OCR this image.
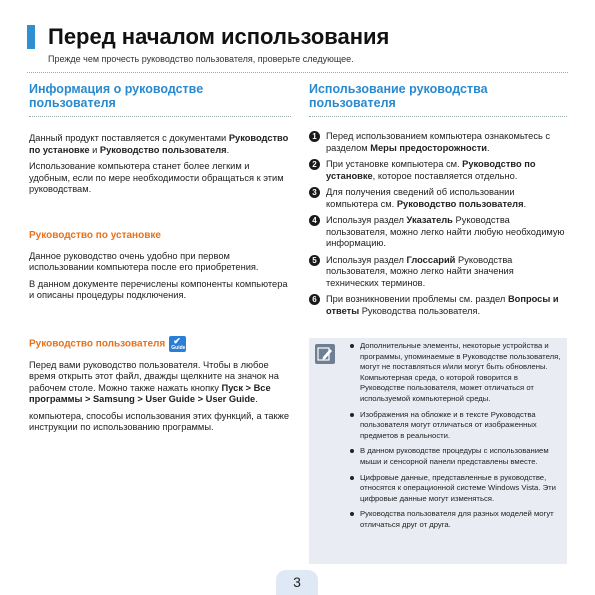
Перед началом использования
Прежде чем прочесть руководство пользователя, проверьте следующее.
Информация о руководстве пользователя

Данный продукт поставляется с документами Руководство по установке и Руководство пользователя.

Использование компьютера станет более легким и удобным, если по мере необходимости обращаться к этим руководствам.

Руководство по установке

Данное руководство очень удобно при первом использовании компьютера после его приобретения.

В данном документе перечислены компоненты компьютера и описаны процедуры подключения.

Руководство пользователя ✔
Guide

Перед вами руководство пользователя. Чтобы в любое время открыть этот файл, дважды щелкните на значок на рабочем столе. Можно также нажать кнопку Пуск > Все программы > Samsung > User Guide > User Guide.

компьютера, способы использования этих функций, а также инструкции по использованию программы.

Использование руководства пользователя
1 Перед использованием компьютера ознакомьтесь с разделом Меры предосторожности.
2 При установке компьютера см. Руководство по установке, которое поставляется отдельно.
3 Для получения сведений об использовании компьютера см. Руководство пользователя.
4 Используя раздел Указатель Руководства пользователя, можно легко найти любую необходимую информацию.
5 Используя раздел Глоссарий Руководства пользователя, можно легко найти значения технических терминов.
6 При возникновении проблемы см. раздел Вопросы и ответы Руководства пользователя.
Дополнительные элементы, некоторые устройства и программы, упоминаемые в Руководстве пользователя, могут не поставляться и/или могут быть обновлены. Компьютерная среда, о которой говорится в Руководстве пользователя, может отличаться от используемой компьютерной среды.
Изображения на обложке и в тексте Руководства пользователя могут отличаться от изображенных предметов в реальности.
В данном руководстве процедуры с использованием мыши и сенсорной панели представлены вместе.
Цифровые данные, представленные в руководстве, относятся к операционной системе Windows Vista. Эти цифровые данные могут изменяться.
Руководства пользователя для разных моделей могут отличаться друг от друга.
3
